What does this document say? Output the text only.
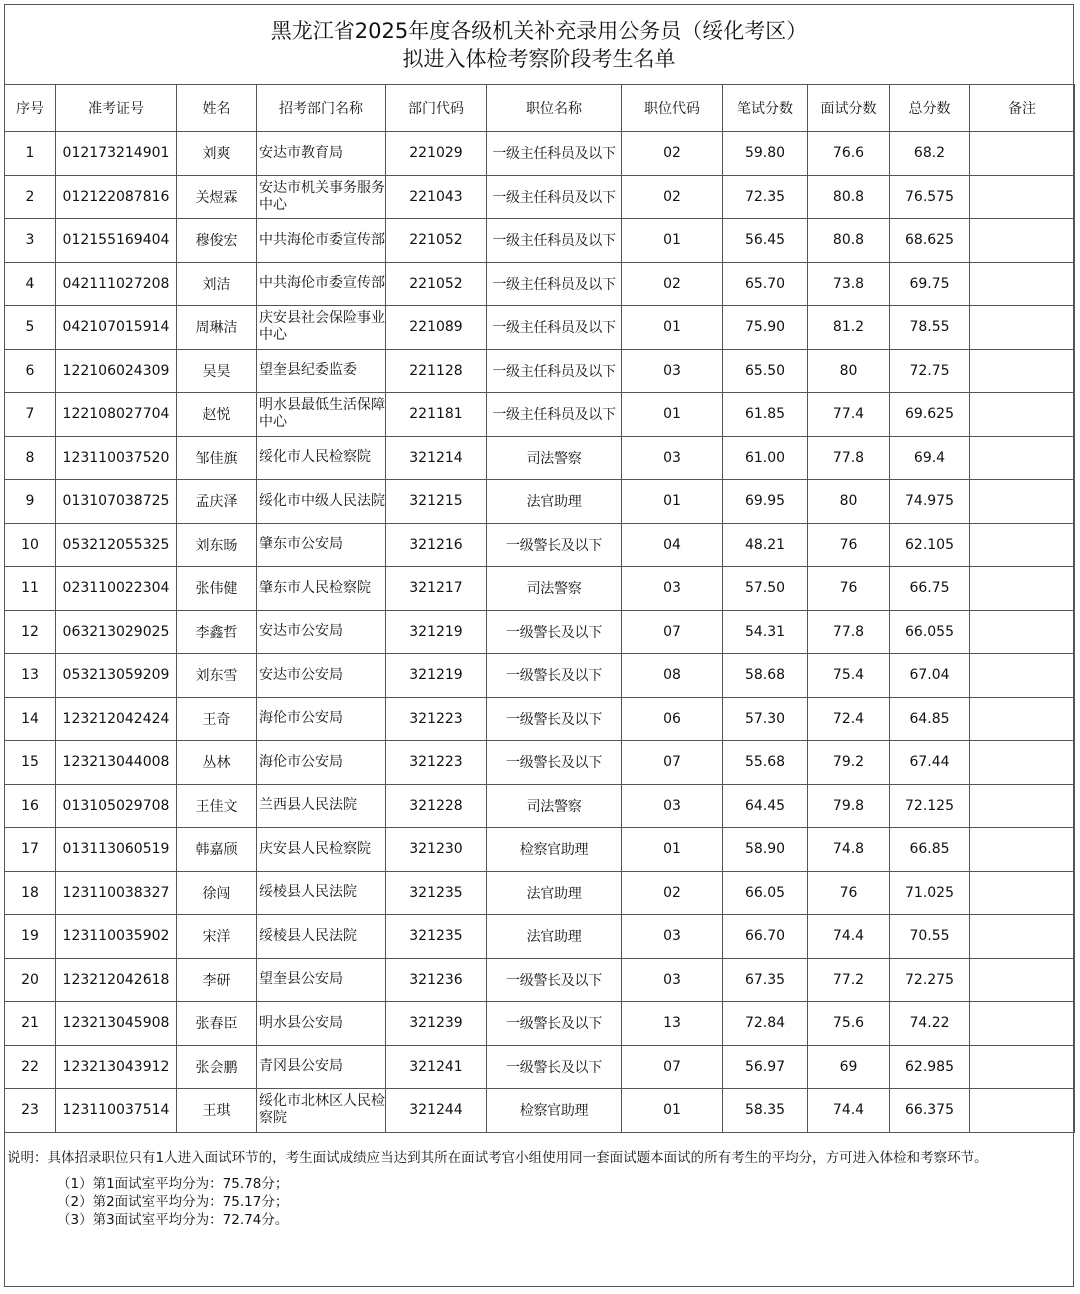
黑龙江省2025年度各级机关补充录用公务员（绥化考区）
拟进入体检考察阶段考生名单
序号	准考证号	姓名	招考部门名称	部门代码	职位名称	职位代码	笔试分数	面试分数	总分数	备注
1	012173214901	刘爽	安达市教育局	221029	一级主任科员及以下	02	59.80	76.6	68.2	
2	012122087816	关煜霖	安达市机关事务服务中心	221043	一级主任科员及以下	02	72.35	80.8	76.575	
3	012155169404	穆俊宏	中共海伦市委宣传部	221052	一级主任科员及以下	01	56.45	80.8	68.625	
4	042111027208	刘洁	中共海伦市委宣传部	221052	一级主任科员及以下	02	65.70	73.8	69.75	
5	042107015914	周琳洁	庆安县社会保险事业中心	221089	一级主任科员及以下	01	75.90	81.2	78.55	
6	122106024309	吴昊	望奎县纪委监委	221128	一级主任科员及以下	03	65.50	80	72.75	
7	122108027704	赵悦	明水县最低生活保障中心	221181	一级主任科员及以下	01	61.85	77.4	69.625	
8	123110037520	邹佳旗	绥化市人民检察院	321214	司法警察	03	61.00	77.8	69.4	
9	013107038725	孟庆泽	绥化市中级人民法院	321215	法官助理	01	69.95	80	74.975	
10	053212055325	刘东旸	肇东市公安局	321216	一级警长及以下	04	48.21	76	62.105	
11	023110022304	张伟健	肇东市人民检察院	321217	司法警察	03	57.50	76	66.75	
12	063213029025	李鑫哲	安达市公安局	321219	一级警长及以下	07	54.31	77.8	66.055	
13	053213059209	刘东雪	安达市公安局	321219	一级警长及以下	08	58.68	75.4	67.04	
14	123212042424	王奇	海伦市公安局	321223	一级警长及以下	06	57.30	72.4	64.85	
15	123213044008	丛林	海伦市公安局	321223	一级警长及以下	07	55.68	79.2	67.44	
16	013105029708	王佳文	兰西县人民法院	321228	司法警察	03	64.45	79.8	72.125	
17	013113060519	韩嘉颀	庆安县人民检察院	321230	检察官助理	01	58.90	74.8	66.85	
18	123110038327	徐闯	绥棱县人民法院	321235	法官助理	02	66.05	76	71.025	
19	123110035902	宋洋	绥棱县人民法院	321235	法官助理	03	66.70	74.4	70.55	
20	123212042618	李研	望奎县公安局	321236	一级警长及以下	03	67.35	77.2	72.275	
21	123213045908	张春臣	明水县公安局	321239	一级警长及以下	13	72.84	75.6	74.22	
22	123213043912	张会鹏	青冈县公安局	321241	一级警长及以下	07	56.97	69	62.985	
23	123110037514	王琪	绥化市北林区人民检察院	321244	检察官助理	01	58.35	74.4	66.375	
说明：具体招录职位只有1人进入面试环节的，考生面试成绩应当达到其所在面试考官小组使用同一套面试题本面试的所有考生的平均分，方可进入体检和考察环节。
（1）第1面试室平均分为：75.78分；
（2）第2面试室平均分为：75.17分；
（3）第3面试室平均分为：72.74分。
